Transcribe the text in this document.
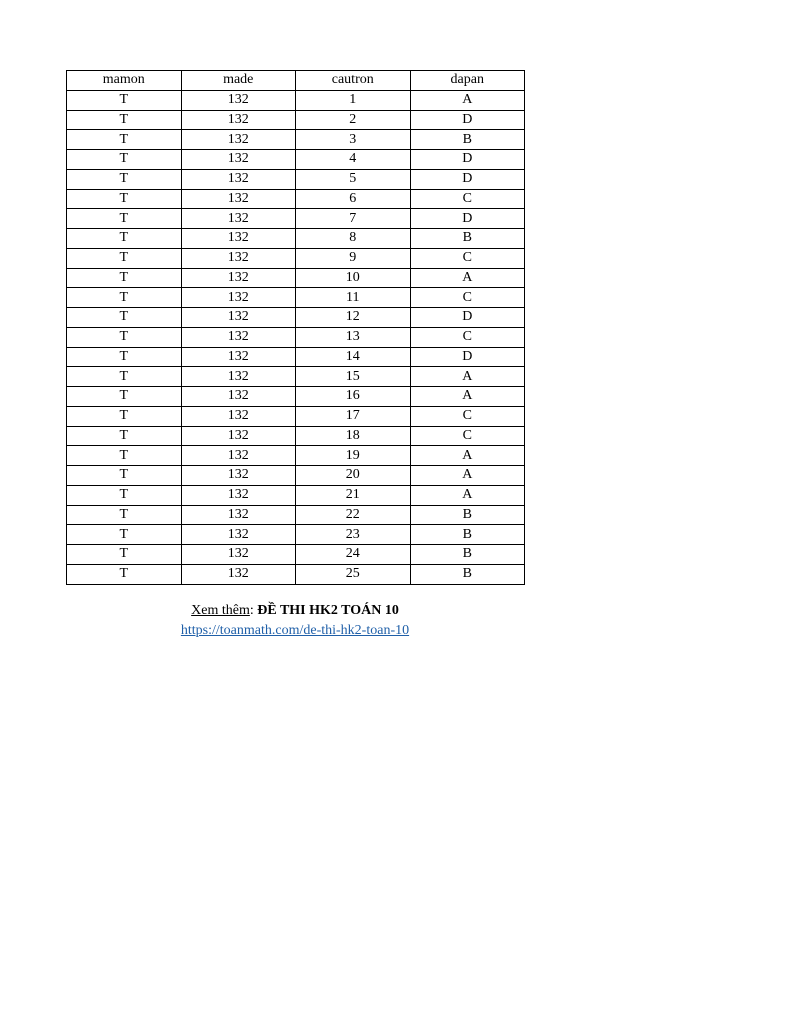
mamon	made	cautron	dapan
T	132	1	A
T	132	2	D
T	132	3	B
T	132	4	D
T	132	5	D
T	132	6	C
T	132	7	D
T	132	8	B
T	132	9	C
T	132	10	A
T	132	11	C
T	132	12	D
T	132	13	C
T	132	14	D
T	132	15	A
T	132	16	A
T	132	17	C
T	132	18	C
T	132	19	A
T	132	20	A
T	132	21	A
T	132	22	B
T	132	23	B
T	132	24	B
T	132	25	B
Xem thêm: ĐỀ THI HK2 TOÁN 10
https://toanmath.com/de-thi-hk2-toan-10
